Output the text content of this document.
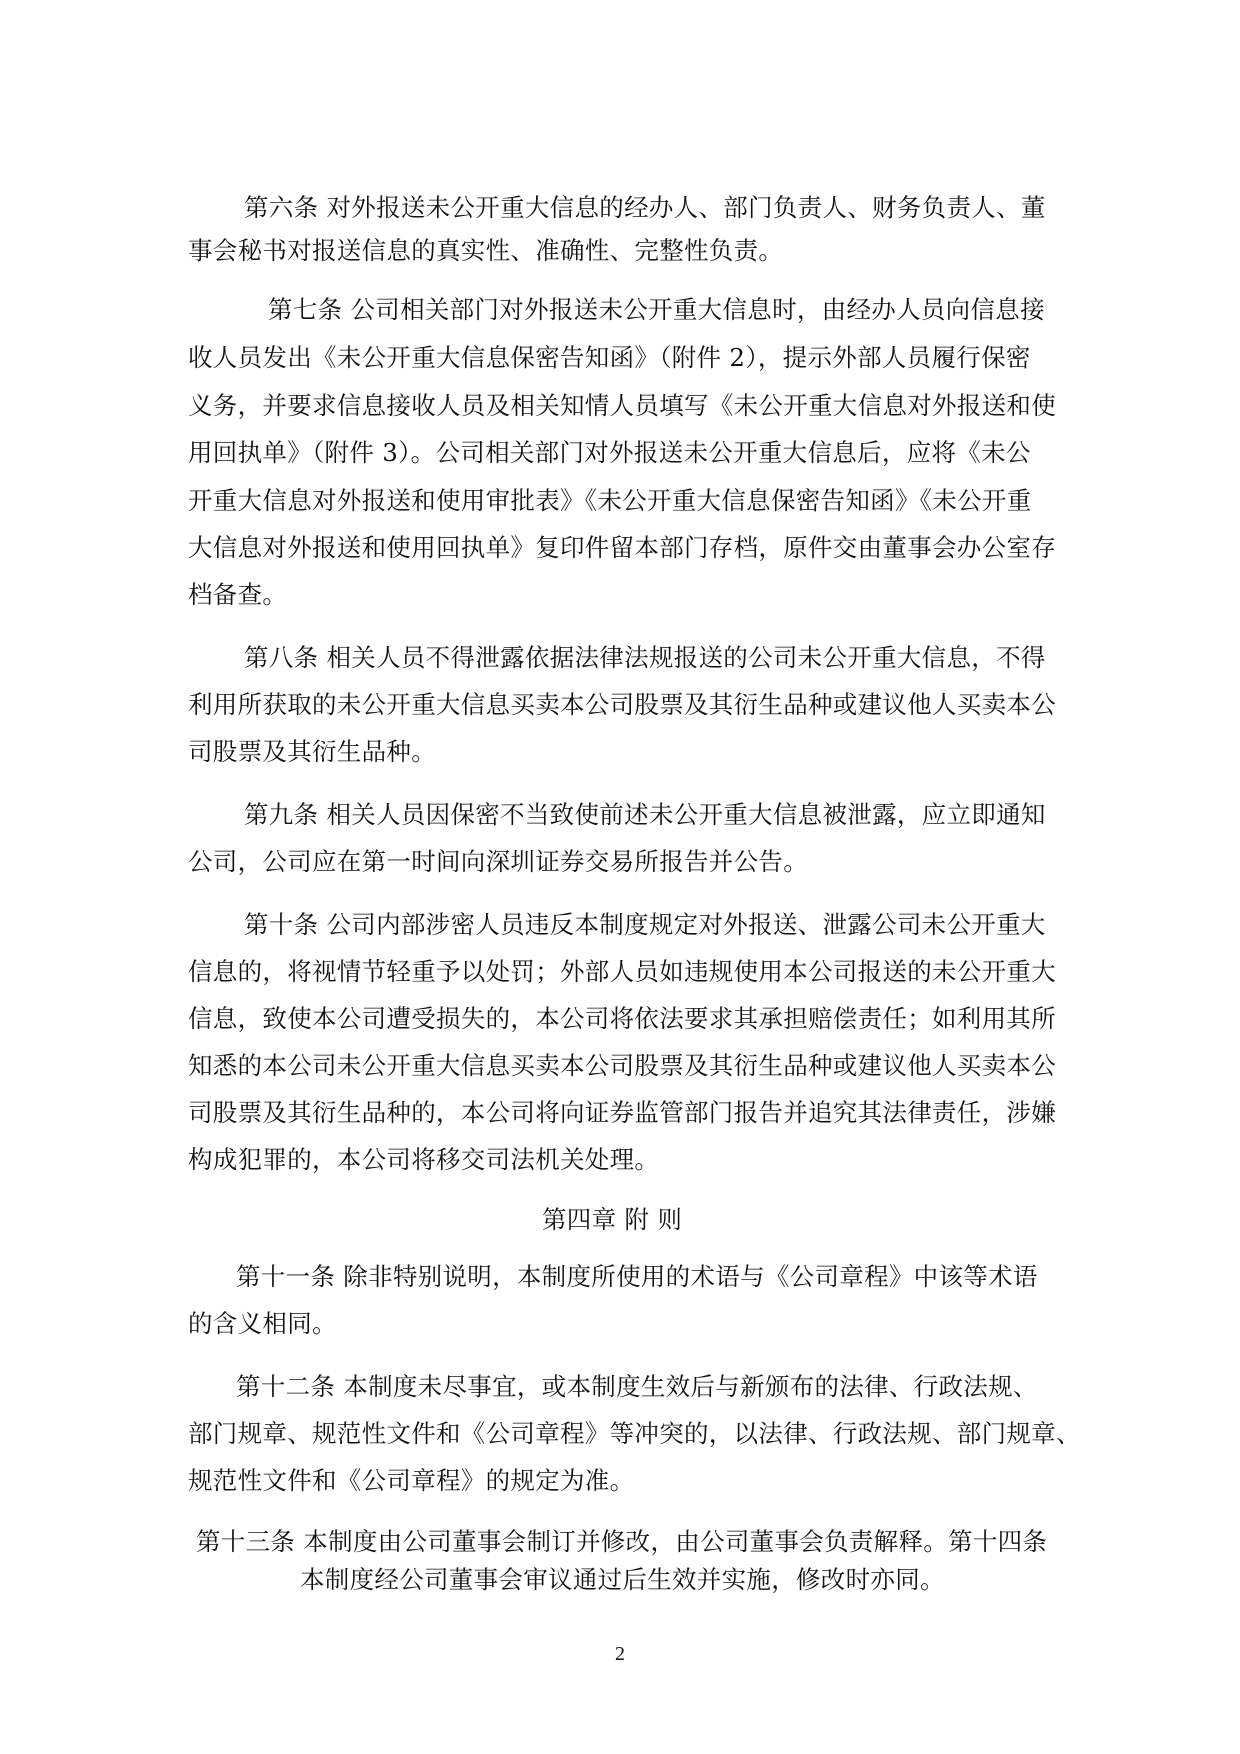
第六条 对外报送未公开重大信息的经办人、部门负责人、财务负责人、董
事会秘书对报送信息的真实性、准确性、完整性负责。
第七条 公司相关部门对外报送未公开重大信息时，由经办人员向信息接
收人员发出《未公开重大信息保密告知函》（附件 2），提示外部人员履行保密
义务，并要求信息接收人员及相关知情人员填写《未公开重大信息对外报送和使
用回执单》（附件 3）。公司相关部门对外报送未公开重大信息后，应将《未公
开重大信息对外报送和使用审批表》《未公开重大信息保密告知函》《未公开重
大信息对外报送和使用回执单》复印件留本部门存档，原件交由董事会办公室存
档备查。
第八条 相关人员不得泄露依据法律法规报送的公司未公开重大信息，不得
利用所获取的未公开重大信息买卖本公司股票及其衍生品种或建议他人买卖本公
司股票及其衍生品种。
第九条 相关人员因保密不当致使前述未公开重大信息被泄露，应立即通知
公司，公司应在第一时间向深圳证券交易所报告并公告。
第十条 公司内部涉密人员违反本制度规定对外报送、泄露公司未公开重大
信息的，将视情节轻重予以处罚；外部人员如违规使用本公司报送的未公开重大
信息，致使本公司遭受损失的，本公司将依法要求其承担赔偿责任；如利用其所
知悉的本公司未公开重大信息买卖本公司股票及其衍生品种或建议他人买卖本公
司股票及其衍生品种的，本公司将向证券监管部门报告并追究其法律责任，涉嫌
构成犯罪的，本公司将移交司法机关处理。
第四章 附 则
第十一条 除非特别说明，本制度所使用的术语与《公司章程》中该等术语
的含义相同。
第十二条 本制度未尽事宜，或本制度生效后与新颁布的法律、行政法规、
部门规章、规范性文件和《公司章程》等冲突的，以法律、行政法规、部门规章、
规范性文件和《公司章程》的规定为准。
第十三条 本制度由公司董事会制订并修改，由公司董事会负责解释。第十四条
本制度经公司董事会审议通过后生效并实施，修改时亦同。
2
